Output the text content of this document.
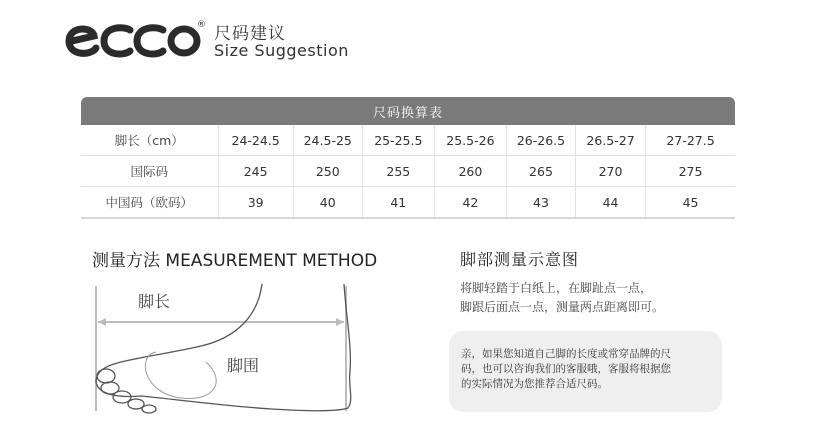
® 尺码建议
Size Suggestion
尺码换算表							
脚长（cm）	24-24.5	24.5-25	25-25.5	25.5-26	26-26.5	26.5-27	27-27.5
国际码	245	250	255	260	265	270	275
中国码（欧码）	39	40	41	42	43	44	45
测量方法 MEASUREMENT METHOD
脚长
脚围
脚部测量示意图
将脚轻踏于白纸上，在脚趾点一点，
脚跟后面点一点，测量两点距离即可。
亲，如果您知道自己脚的长度或常穿品牌的尺
码，也可以咨询我们的客服哦，客服将根据您
的实际情况为您推荐合适尺码。
